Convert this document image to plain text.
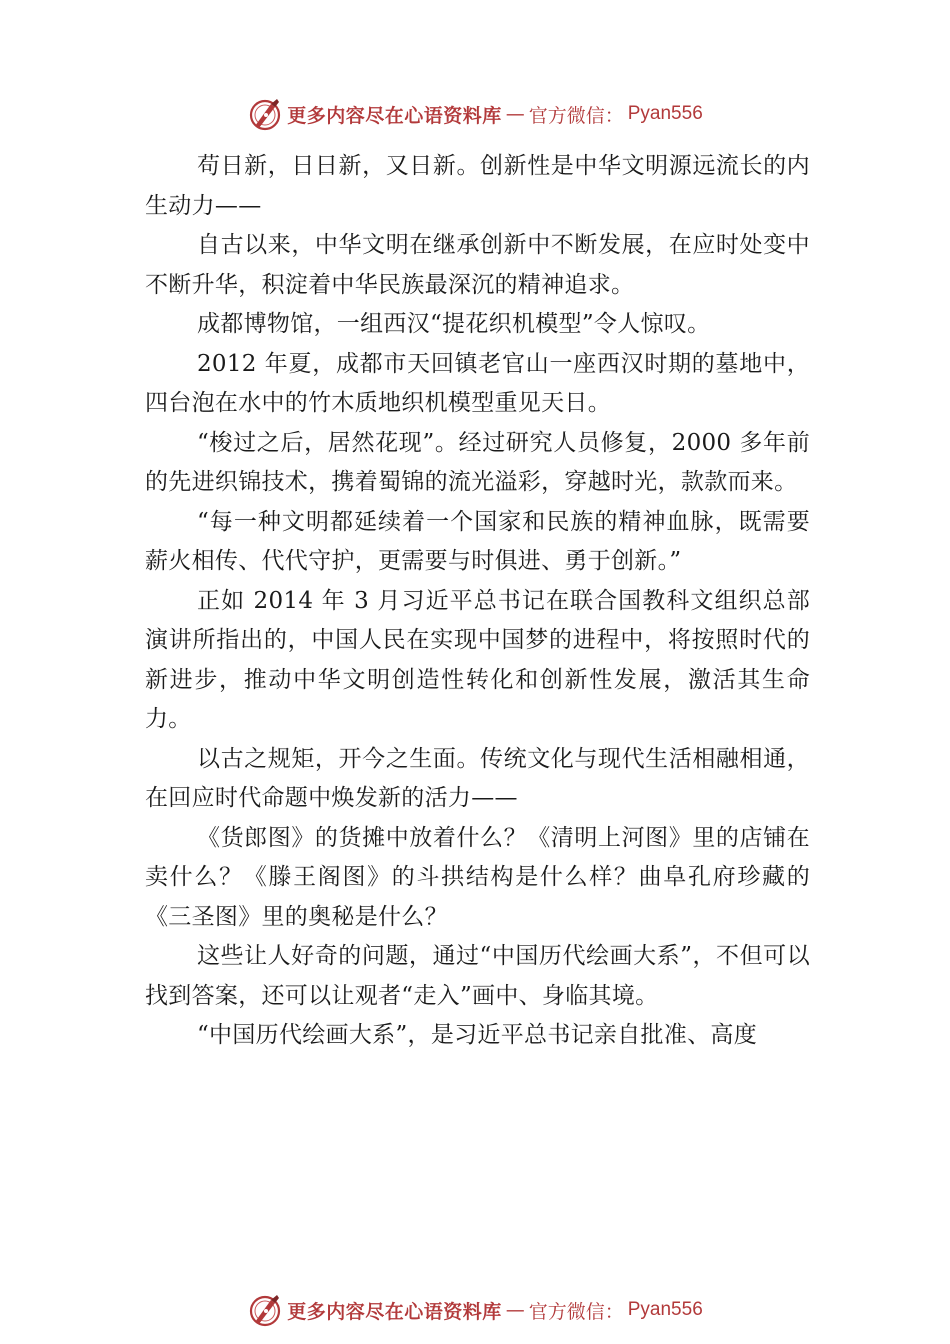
更多内容尽在心语资料库 — 官方微信： Pyan556

苟日新，日日新，又日新。创新性是中华文明源远流长的内生动力——

自古以来，中华文明在继承创新中不断发展，在应时处变中不断升华，积淀着中华民族最深沉的精神追求。

成都博物馆，一组西汉“提花织机模型”令人惊叹。

2012 年夏，成都市天回镇老官山一座西汉时期的墓地中，四台泡在水中的竹木质地织机模型重见天日。

“梭过之后，居然花现”。经过研究人员修复，2000 多年前的先进织锦技术，携着蜀锦的流光溢彩，穿越时光，款款而来。

“每一种文明都延续着一个国家和民族的精神血脉，既需要薪火相传、代代守护，更需要与时俱进、勇于创新。”

正如 2014 年 3 月习近平总书记在联合国教科文组织总部演讲所指出的，中国人民在实现中国梦的进程中，将按照时代的新进步，推动中华文明创造性转化和创新性发展，激活其生命力。

以古之规矩，开今之生面。传统文化与现代生活相融相通，在回应时代命题中焕发新的活力——

《货郎图》的货摊中放着什么？《清明上河图》里的店铺在卖什么？《滕王阁图》的斗拱结构是什么样？曲阜孔府珍藏的《三圣图》里的奥秘是什么？

这些让人好奇的问题，通过“中国历代绘画大系”，不但可以找到答案，还可以让观者“走入”画中、身临其境。

“中国历代绘画大系”，是习近平总书记亲自批准、高度

更多内容尽在心语资料库 — 官方微信： Pyan556
